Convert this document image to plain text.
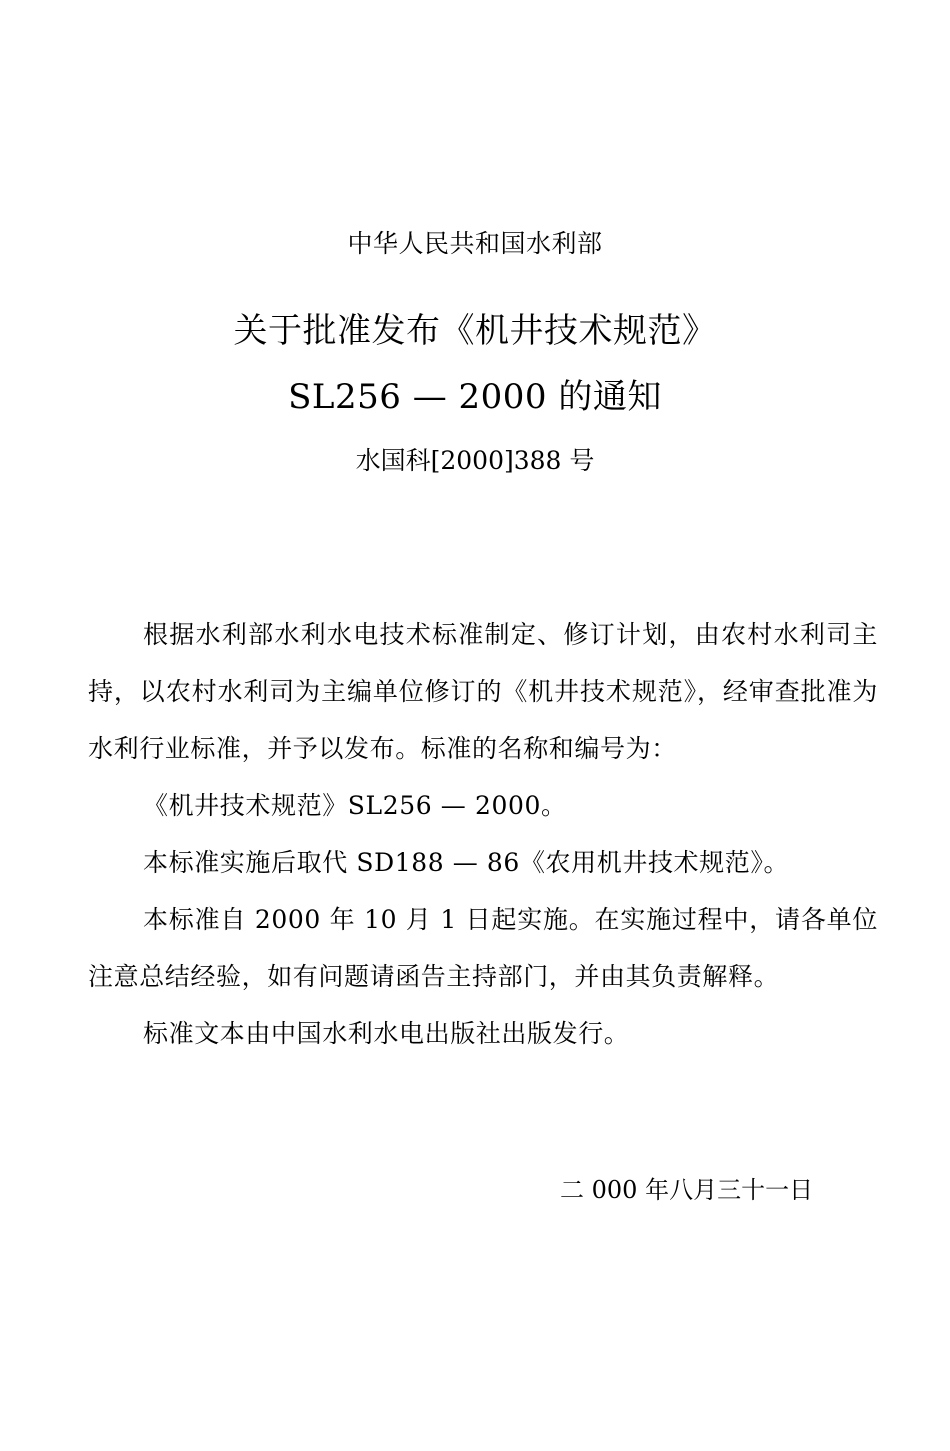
中华人民共和国水利部
关于批准发布《机井技术规范》
SL256 — 2000 的通知
水国科[2000]388 号

根据水利部水利水电技术标准制定、修订计划，由农村水利司主持，以农村水利司为主编单位修订的《机井技术规范》，经审查批准为水利行业标准，并予以发布。标准的名称和编号为：

《机井技术规范》SL256 — 2000。

本标准实施后取代 SD188 — 86《农用机井技术规范》。

本标准自 2000 年 10 月 1 日起实施。在实施过程中，请各单位注意总结经验，如有问题请函告主持部门，并由其负责解释。

标准文本由中国水利水电出版社出版发行。

二 000 年八月三十一日
